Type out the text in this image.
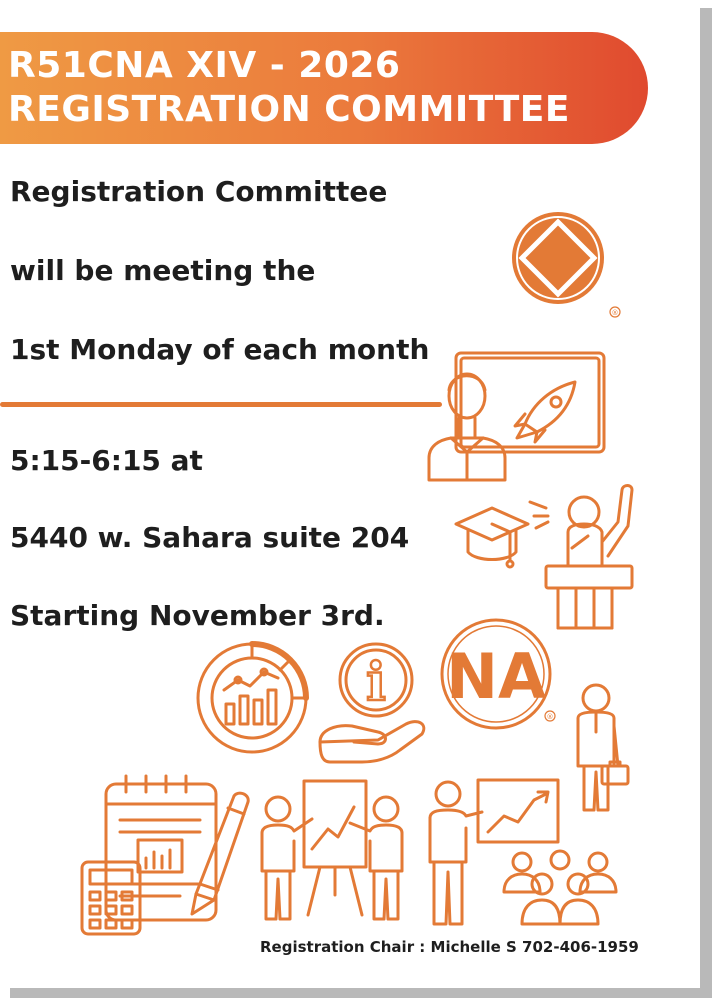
R51CNA XIV - 2026
REGISTRATION COMMITTEE
Registration Committee
will be meeting the
1st Monday of each month
5:15-6:15 at
5440 w. Sahara suite 204
Starting November 3rd.
®
i NA
®
Registration Chair : Michelle S 702-406-1959
